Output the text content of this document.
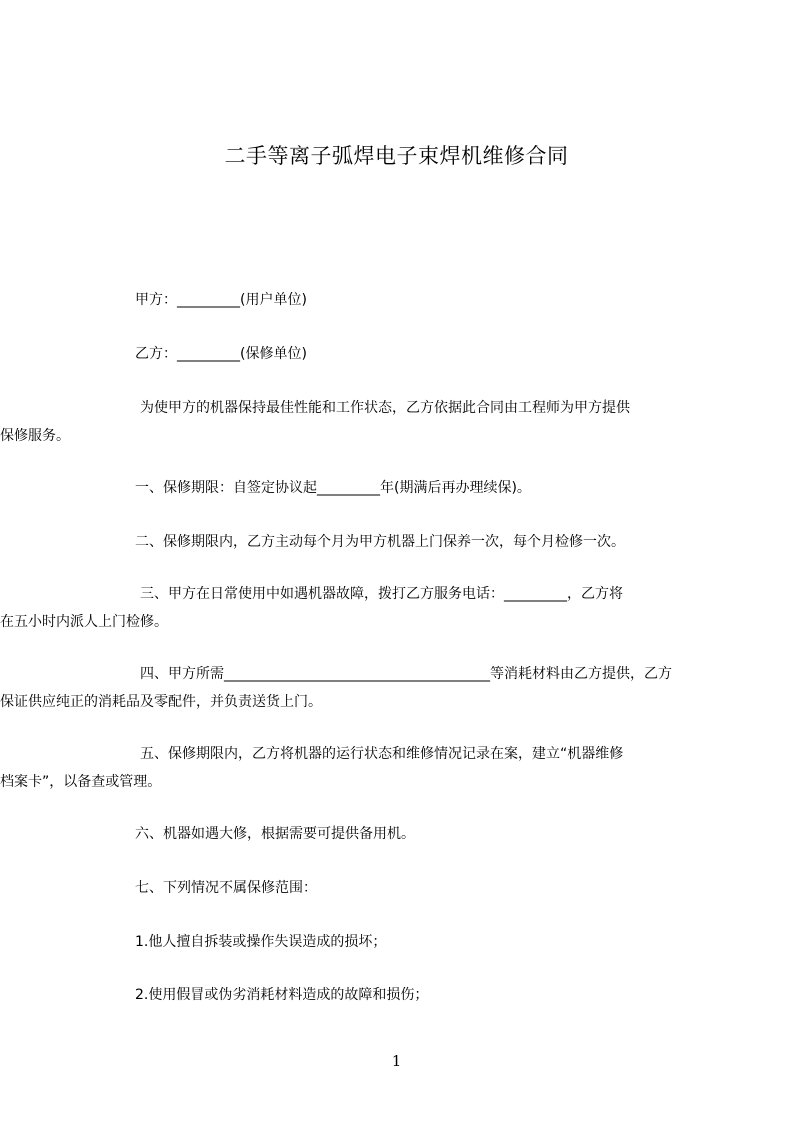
二手等离子弧焊电子束焊机维修合同
甲方：_________(用户单位)
乙方：_________(保修单位)
为使甲方的机器保持最佳性能和工作状态，乙方依据此合同由工程师为甲方提供
保修服务。
一、保修期限：自签定协议起_________年(期满后再办理续保)。
二、保修期限内，乙方主动每个月为甲方机器上门保养一次，每个月检修一次。
三、甲方在日常使用中如遇机器故障，拨打乙方服务电话：_________，乙方将
在五小时内派人上门检修。
四、甲方所需______________________________________等消耗材料由乙方提供，乙方
保证供应纯正的消耗品及零配件，并负责送货上门。
五、保修期限内，乙方将机器的运行状态和维修情况记录在案，建立“机器维修
档案卡”，以备查或管理。
六、机器如遇大修，根据需要可提供备用机。
七、下列情况不属保修范围：
1.他人擅自拆装或操作失误造成的损坏；
2.使用假冒或伪劣消耗材料造成的故障和损伤；
1
